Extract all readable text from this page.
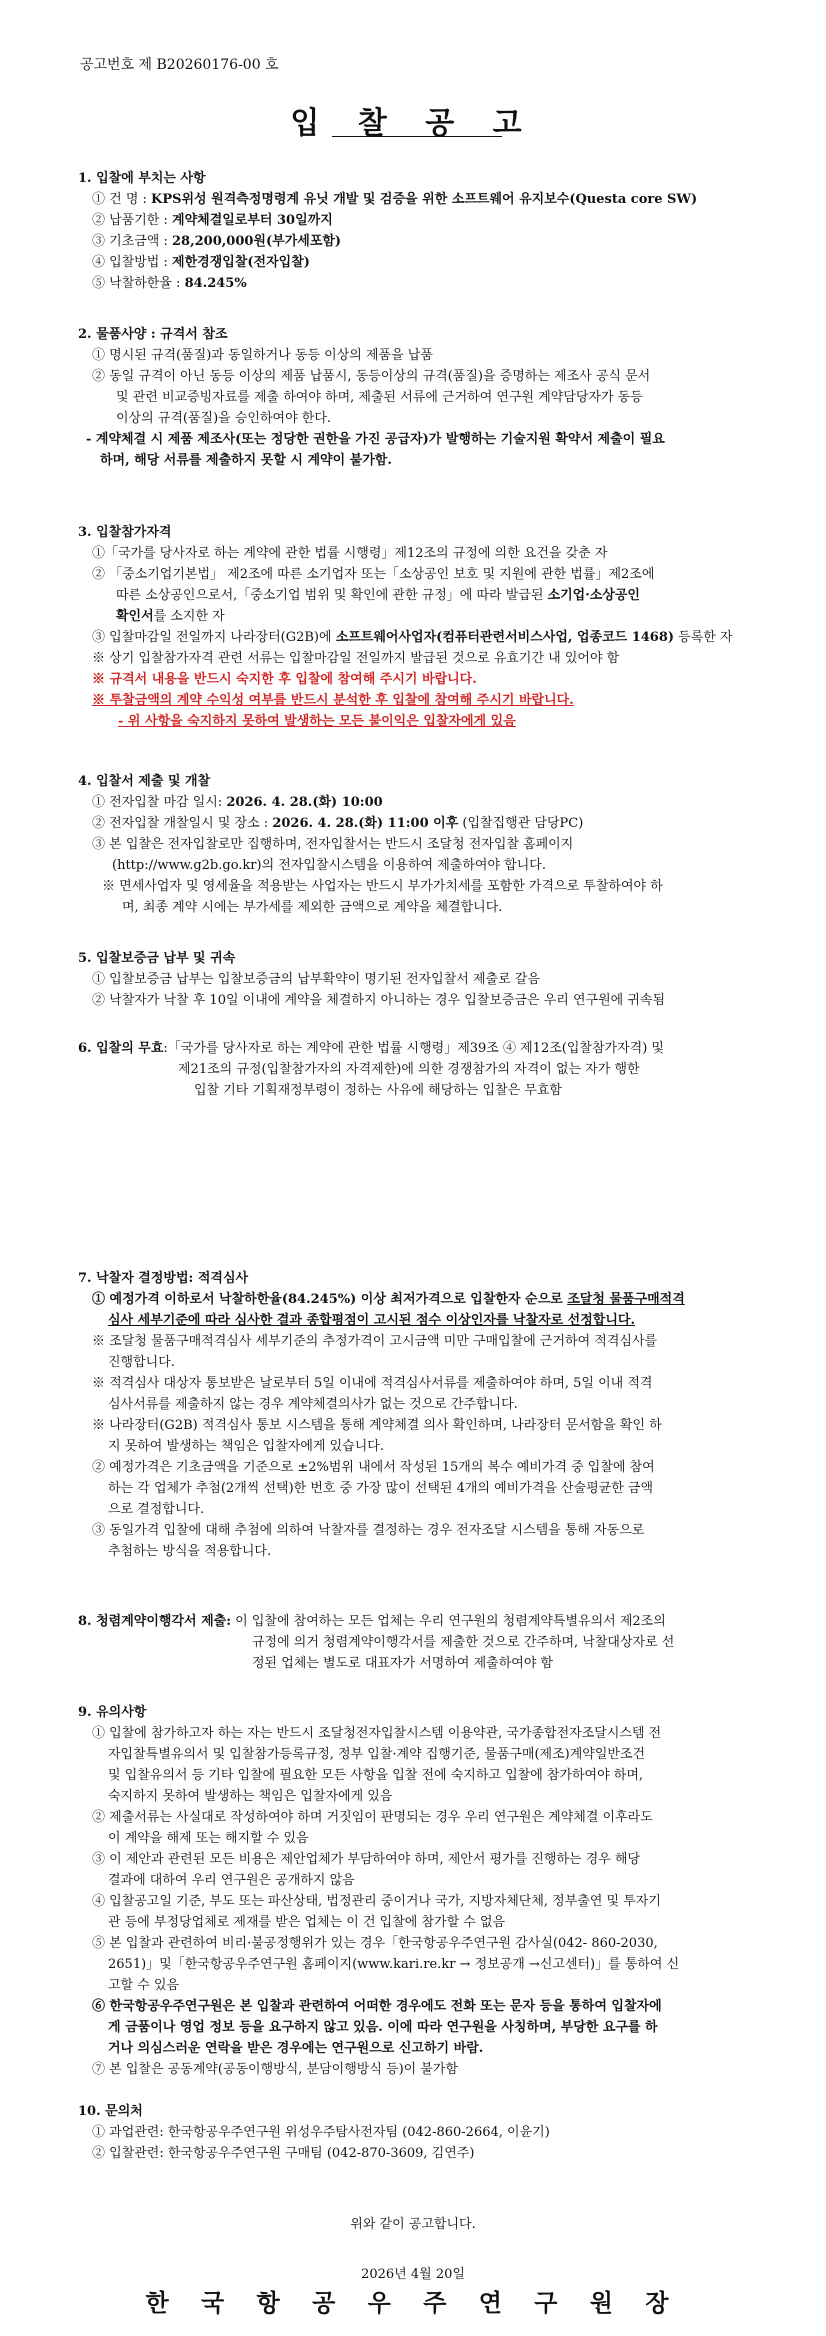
공고번호 제 B20260176-00 호
입 찰 공 고
1. 입찰에 부치는 사항
① 건 명 : KPS위성 원격측정명령계 유닛 개발 및 검증을 위한 소프트웨어 유지보수(Questa core SW)
② 납품기한 : 계약체결일로부터 30일까지
③ 기초금액 : 28,200,000원(부가세포함)
④ 입찰방법 : 제한경쟁입찰(전자입찰)
⑤ 낙찰하한율 : 84.245%
2. 물품사양 : 규격서 참조
① 명시된 규격(품질)과 동일하거나 동등 이상의 제품을 납품
② 동일 규격이 아닌 동등 이상의 제품 납품시, 동등이상의 규격(품질)을 증명하는 제조사 공식 문서
및 관련 비교증빙자료를 제출 하여야 하며, 제출된 서류에 근거하여 연구원 계약담당자가 동등
이상의 규격(품질)을 승인하여야 한다.
- 계약체결 시 제품 제조사(또는 정당한 권한을 가진 공급자)가 발행하는 기술지원 확약서 제출이 필요
하며, 해당 서류를 제출하지 못할 시 계약이 불가함.
3. 입찰참가자격
①「국가를 당사자로 하는 계약에 관한 법률 시행령」제12조의 규정에 의한 요건을 갖춘 자
② 「중소기업기본법」 제2조에 따른 소기업자 또는「소상공인 보호 및 지원에 관한 법률」제2조에
따른 소상공인으로서,「중소기업 범위 및 확인에 관한 규정」에 따라 발급된 소기업·소상공인
확인서를 소지한 자
③ 입찰마감일 전일까지 나라장터(G2B)에 소프트웨어사업자(컴퓨터관련서비스사업, 업종코드 1468) 등록한 자
※ 상기 입찰참가자격 관련 서류는 입찰마감일 전일까지 발급된 것으로 유효기간 내 있어야 함
※ 규격서 내용을 반드시 숙지한 후 입찰에 참여해 주시기 바랍니다.
※ 투찰금액의 계약 수익성 여부를 반드시 분석한 후 입찰에 참여해 주시기 바랍니다.
- 위 사항을 숙지하지 못하여 발생하는 모든 불이익은 입찰자에게 있음
4. 입찰서 제출 및 개찰
① 전자입찰 마감 일시: 2026. 4. 28.(화) 10:00
② 전자입찰 개찰일시 및 장소 : 2026. 4. 28.(화) 11:00 이후 (입찰집행관 담당PC)
③ 본 입찰은 전자입찰로만 집행하며, 전자입찰서는 반드시 조달청 전자입찰 홈페이지
(http://www.g2b.go.kr)의 전자입찰시스템을 이용하여 제출하여야 합니다.
※ 면세사업자 및 영세율을 적용받는 사업자는 반드시 부가가치세를 포함한 가격으로 투찰하여야 하
며, 최종 계약 시에는 부가세를 제외한 금액으로 계약을 체결합니다.
5. 입찰보증금 납부 및 귀속
① 입찰보증금 납부는 입찰보증금의 납부확약이 명기된 전자입찰서 제출로 갈음
② 낙찰자가 낙찰 후 10일 이내에 계약을 체결하지 아니하는 경우 입찰보증금은 우리 연구원에 귀속됨
6. 입찰의 무효:「국가를 당사자로 하는 계약에 관한 법률 시행령」제39조 ④ 제12조(입찰참가자격) 및
제21조의 규정(입찰참가자의 자격제한)에 의한 경쟁참가의 자격이 없는 자가 행한
입찰 기타 기획재정부령이 정하는 사유에 해당하는 입찰은 무효함
7. 낙찰자 결정방법: 적격심사
① 예정가격 이하로서 낙찰하한율(84.245%) 이상 최저가격으로 입찰한자 순으로 조달청 물품구매적격
심사 세부기준에 따라 심사한 결과 종합평점이 고시된 점수 이상인자를 낙찰자로 선정합니다.
※ 조달청 물품구매적격심사 세부기준의 추정가격이 고시금액 미만 구매입찰에 근거하여 적격심사를
진행합니다.
※ 적격심사 대상자 통보받은 날로부터 5일 이내에 적격심사서류를 제출하여야 하며, 5일 이내 적격
심사서류를 제출하지 않는 경우 계약체결의사가 없는 것으로 간주합니다.
※ 나라장터(G2B) 적격심사 통보 시스템을 통해 계약체결 의사 확인하며, 나라장터 문서함을 확인 하
지 못하여 발생하는 책임은 입찰자에게 있습니다.
② 예정가격은 기초금액을 기준으로 ±2%범위 내에서 작성된 15개의 복수 예비가격 중 입찰에 참여
하는 각 업체가 추첨(2개씩 선택)한 번호 중 가장 많이 선택된 4개의 예비가격을 산술평균한 금액
으로 결정합니다.
③ 동일가격 입찰에 대해 추첨에 의하여 낙찰자를 결정하는 경우 전자조달 시스템을 통해 자동으로
추첨하는 방식을 적용합니다.
8. 청렴계약이행각서 제출: 이 입찰에 참여하는 모든 업체는 우리 연구원의 청렴계약특별유의서 제2조의
규정에 의거 청렴계약이행각서를 제출한 것으로 간주하며, 낙찰대상자로 선
정된 업체는 별도로 대표자가 서명하여 제출하여야 함
9. 유의사항
① 입찰에 참가하고자 하는 자는 반드시 조달청전자입찰시스템 이용약관, 국가종합전자조달시스템 전
자입찰특별유의서 및 입찰참가등록규정, 정부 입찰·계약 집행기준, 물품구매(제조)계약일반조건
및 입찰유의서 등 기타 입찰에 필요한 모든 사항을 입찰 전에 숙지하고 입찰에 참가하여야 하며,
숙지하지 못하여 발생하는 책임은 입찰자에게 있음
② 제출서류는 사실대로 작성하여야 하며 거짓임이 판명되는 경우 우리 연구원은 계약체결 이후라도
이 계약을 해제 또는 해지할 수 있음
③ 이 제안과 관련된 모든 비용은 제안업체가 부담하여야 하며, 제안서 평가를 진행하는 경우 해당
결과에 대하여 우리 연구원은 공개하지 않음
④ 입찰공고일 기준, 부도 또는 파산상태, 법정관리 중이거나 국가, 지방자체단체, 정부출연 및 투자기
관 등에 부정당업체로 제재를 받은 업체는 이 건 입찰에 참가할 수 없음
⑤ 본 입찰과 관련하여 비리·불공정행위가 있는 경우「한국항공우주연구원 감사실(042- 860-2030,
2651)」및「한국항공우주연구원 홈페이지(www.kari.re.kr → 정보공개 →신고센터)」를 통하여 신
고할 수 있음
⑥ 한국항공우주연구원은 본 입찰과 관련하여 어떠한 경우에도 전화 또는 문자 등을 통하여 입찰자에
게 금품이나 영업 정보 등을 요구하지 않고 있음. 이에 따라 연구원을 사칭하며, 부당한 요구를 하
거나 의심스러운 연락을 받은 경우에는 연구원으로 신고하기 바람.
⑦ 본 입찰은 공동계약(공동이행방식, 분담이행방식 등)이 불가함
10. 문의처
① 과업관련: 한국항공우주연구원 위성우주탐사전자팀 (042-860-2664, 이윤기)
② 입찰관련: 한국항공우주연구원 구매팀 (042-870-3609, 김연주)
위와 같이 공고합니다.
2026년 4월 20일
한 국 항 공 우 주 연 구 원 장
